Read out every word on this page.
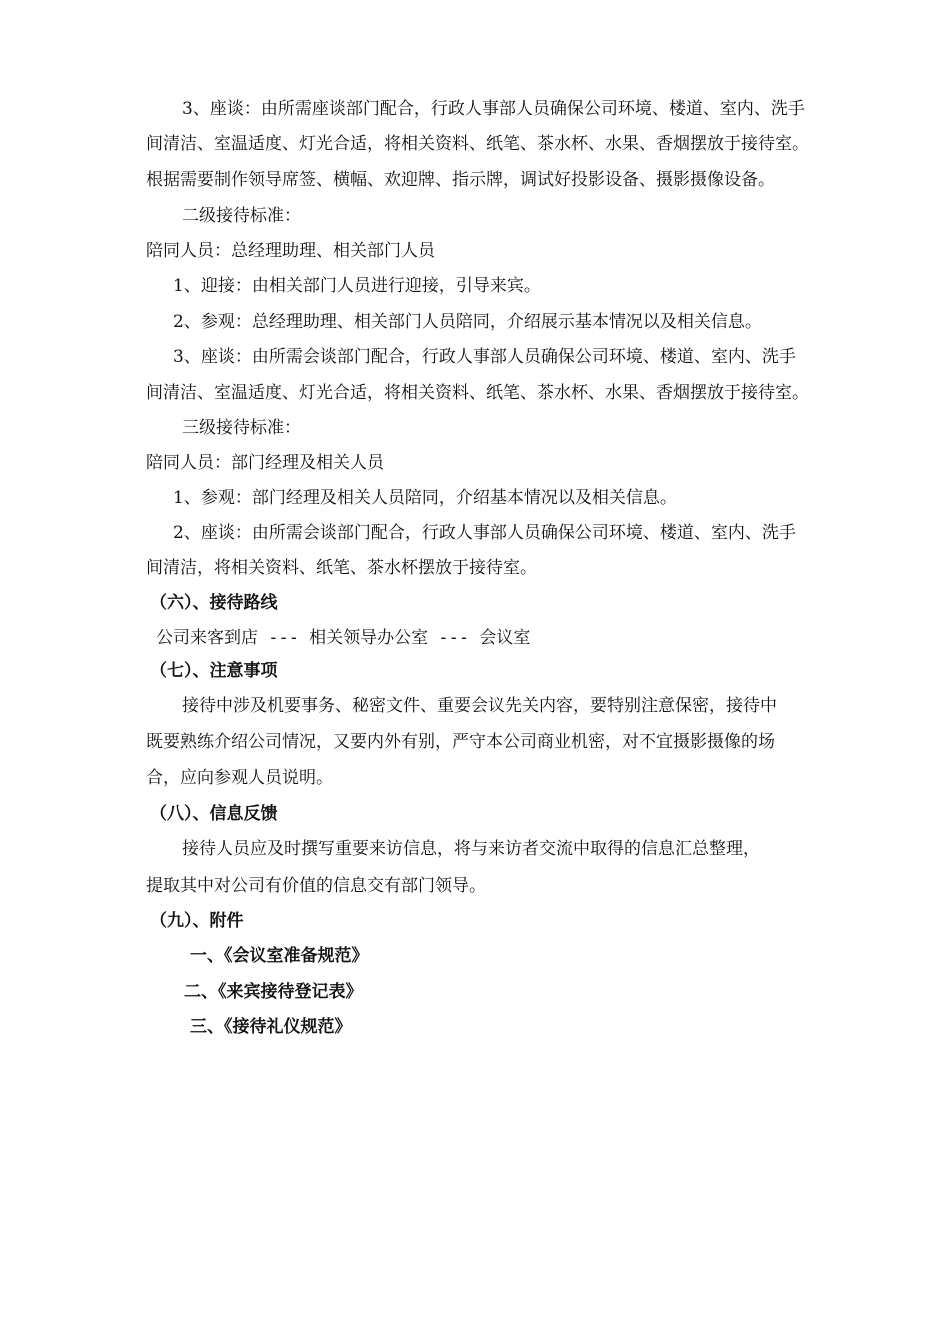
3、座谈：由所需座谈部门配合，行政人事部人员确保公司环境、楼道、室内、洗手
间清洁、室温适度、灯光合适，将相关资料、纸笔、茶水杯、水果、香烟摆放于接待室。
根据需要制作领导席签、横幅、欢迎牌、指示牌，调试好投影设备、摄影摄像设备。
二级接待标准：
陪同人员：总经理助理、相关部门人员
1、迎接：由相关部门人员进行迎接，引导来宾。
2、参观：总经理助理、相关部门人员陪同，介绍展示基本情况以及相关信息。
3、座谈：由所需会谈部门配合，行政人事部人员确保公司环境、楼道、室内、洗手
间清洁、室温适度、灯光合适，将相关资料、纸笔、茶水杯、水果、香烟摆放于接待室。
三级接待标准：
陪同人员：部门经理及相关人员
1、参观：部门经理及相关人员陪同，介绍基本情况以及相关信息。
2、座谈：由所需会谈部门配合，行政人事部人员确保公司环境、楼道、室内、洗手
间清洁，将相关资料、纸笔、茶水杯摆放于接待室。
（六）、接待路线
公司来客到店 --- 相关领导办公室 --- 会议室
（七）、注意事项
接待中涉及机要事务、秘密文件、重要会议先关内容，要特别注意保密，接待中
既要熟练介绍公司情况，又要内外有别，严守本公司商业机密，对不宜摄影摄像的场
合，应向参观人员说明。
（八）、信息反馈
接待人员应及时撰写重要来访信息，将与来访者交流中取得的信息汇总整理，
提取其中对公司有价值的信息交有部门领导。
（九）、附件
一、《会议室准备规范》
二、《来宾接待登记表》
三、《接待礼仪规范》
